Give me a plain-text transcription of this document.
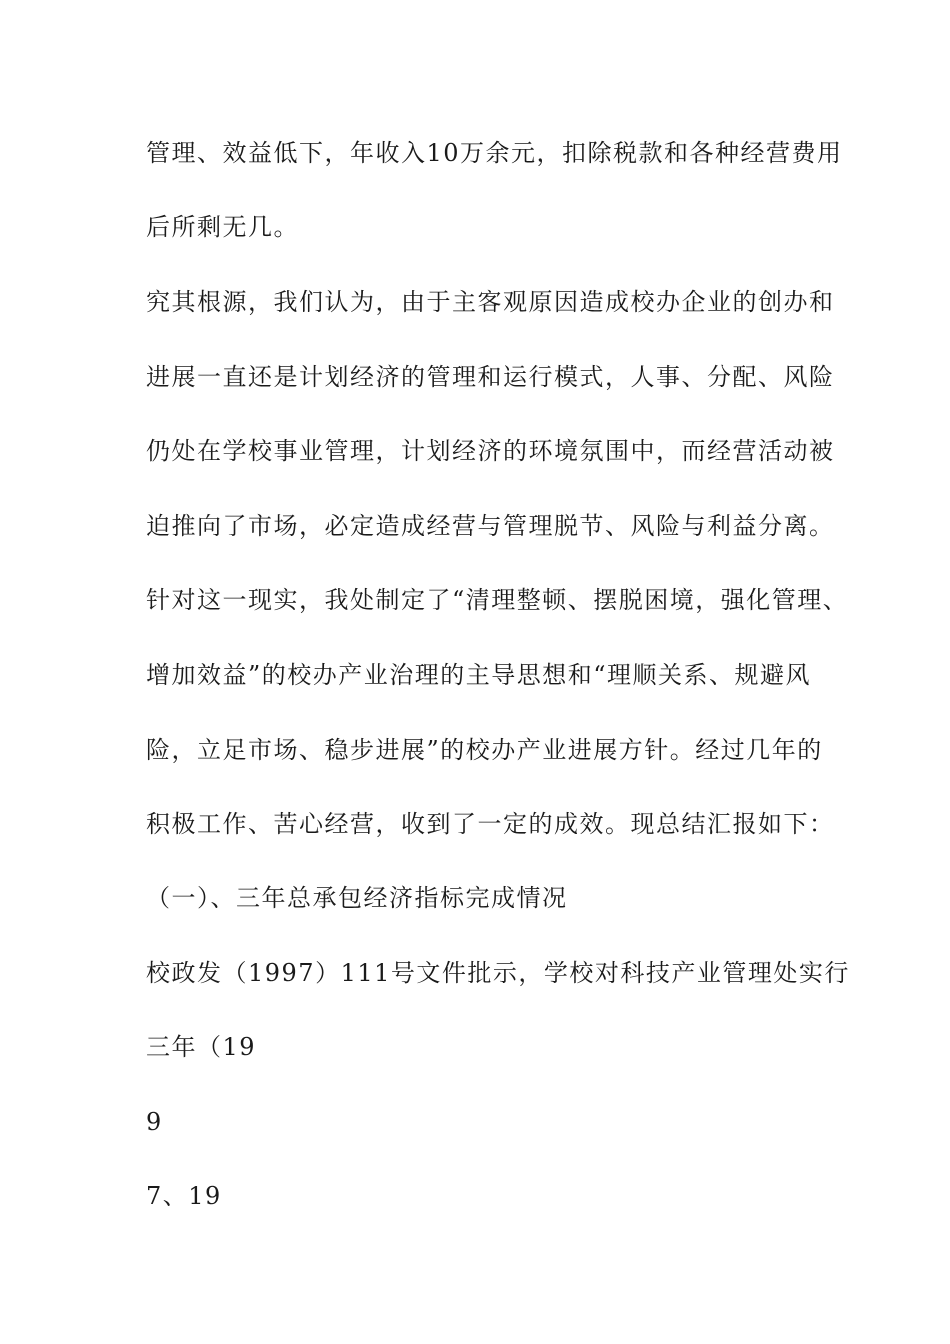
管理、效益低下，年收入10万余元，扣除税款和各种经营费用
后所剩无几。
究其根源，我们认为，由于主客观原因造成校办企业的创办和
进展一直还是计划经济的管理和运行模式，人事、分配、风险
仍处在学校事业管理，计划经济的环境氛围中，而经营活动被
迫推向了市场，必定造成经营与管理脱节、风险与利益分离。
针对这一现实，我处制定了“清理整顿、摆脱困境，强化管理、
增加效益”的校办产业治理的主导思想和“理顺关系、规避风
险，立足市场、稳步进展”的校办产业进展方针。经过几年的
积极工作、苦心经营，收到了一定的成效。现总结汇报如下：
（一）、三年总承包经济指标完成情况
校政发（1997）111号文件批示，学校对科技产业管理处实行
三年（19
9
7、19
